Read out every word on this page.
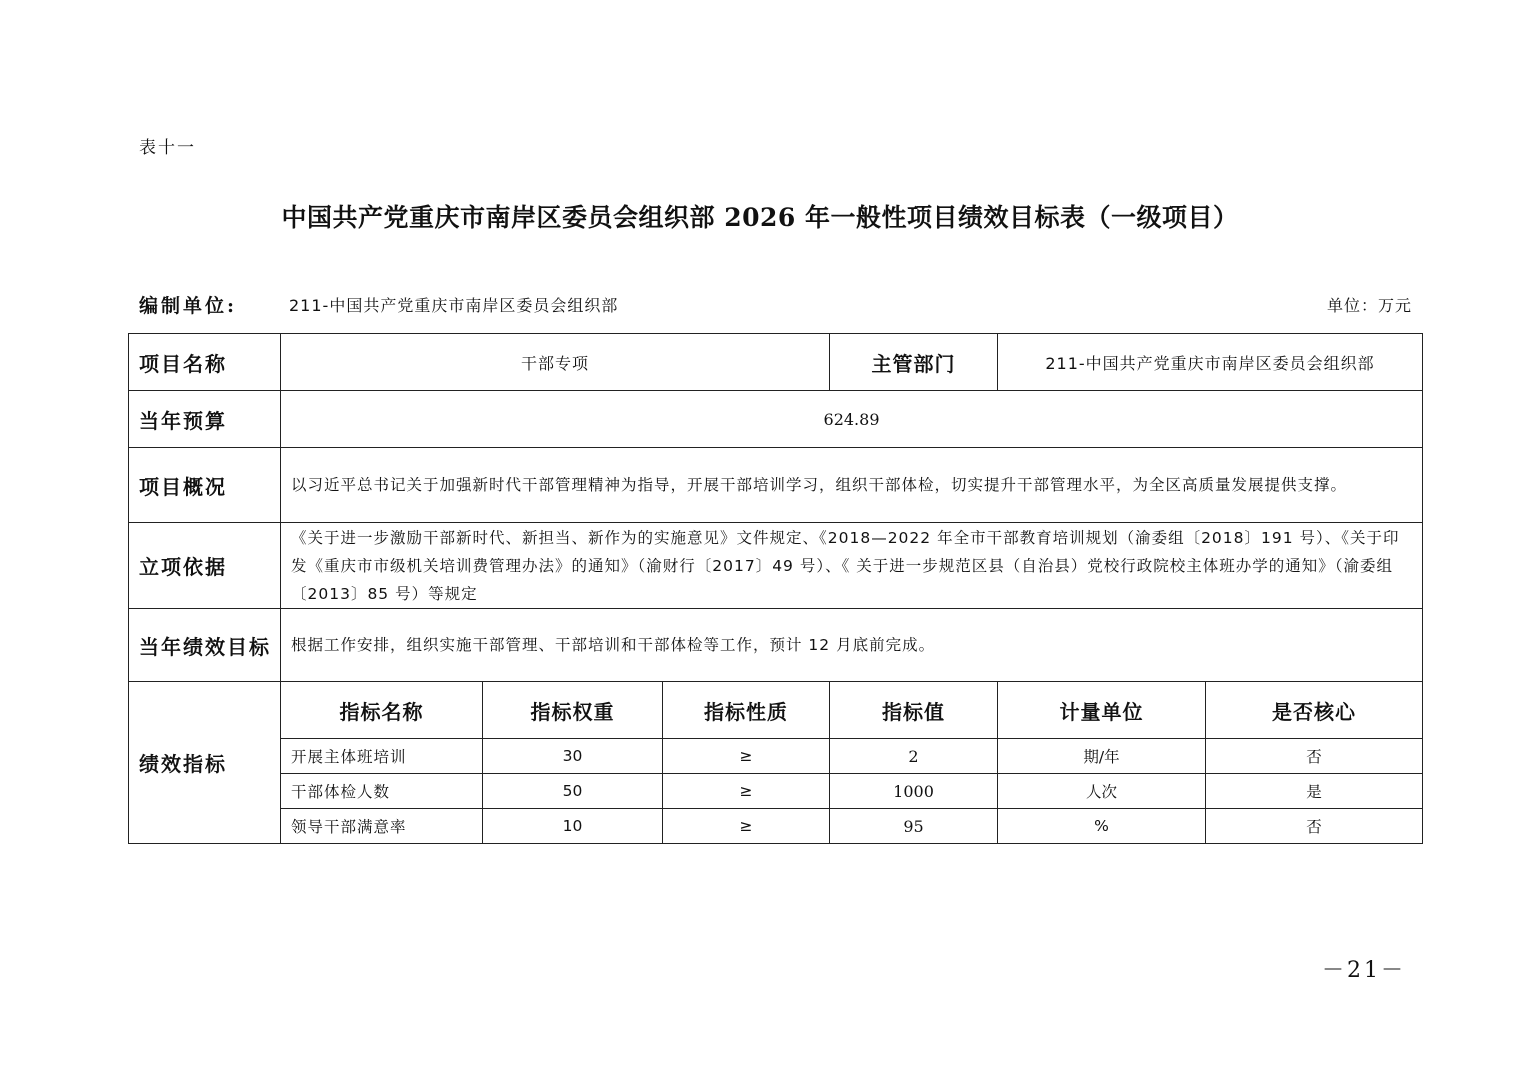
表十一
中国共产党重庆市南岸区委员会组织部 2026 年一般性项目绩效目标表（一级项目）
编制单位:	211-中国共产党重庆市南岸区委员会组织部	单位：万元
项目名称	干部专项			主管部门	211-中国共产党重庆市南岸区委员会组织部	
当年预算	624.89					
项目概况	以习近平总书记关于加强新时代干部管理精神为指导，开展干部培训学习，组织干部体检，切实提升干部管理水平，为全区高质量发展提供支撑。					
立项依据	《关于进一步激励干部新时代、新担当、新作为的实施意见》文件规定、《2018—2022 年全市干部教育培训规划（渝委组〔2018〕191 号）、《关于印发《重庆市市级机关培训费管理办法》的通知》（渝财行〔2017〕49 号）、《 关于进一步规范区县（自治县）党校行政院校主体班办学的通知》（渝委组〔2013〕85 号）等规定					
当年绩效目标	根据工作安排，组织实施干部管理、干部培训和干部体检等工作，预计 12 月底前完成。					
绩效指标	指标名称	指标权重	指标性质	指标值	计量单位	是否核心
	开展主体班培训	30	≥	2	期/年	否
	干部体检人数	50	≥	1000	人次	是
	领导干部满意率	10	≥	95	%	否
－21－
